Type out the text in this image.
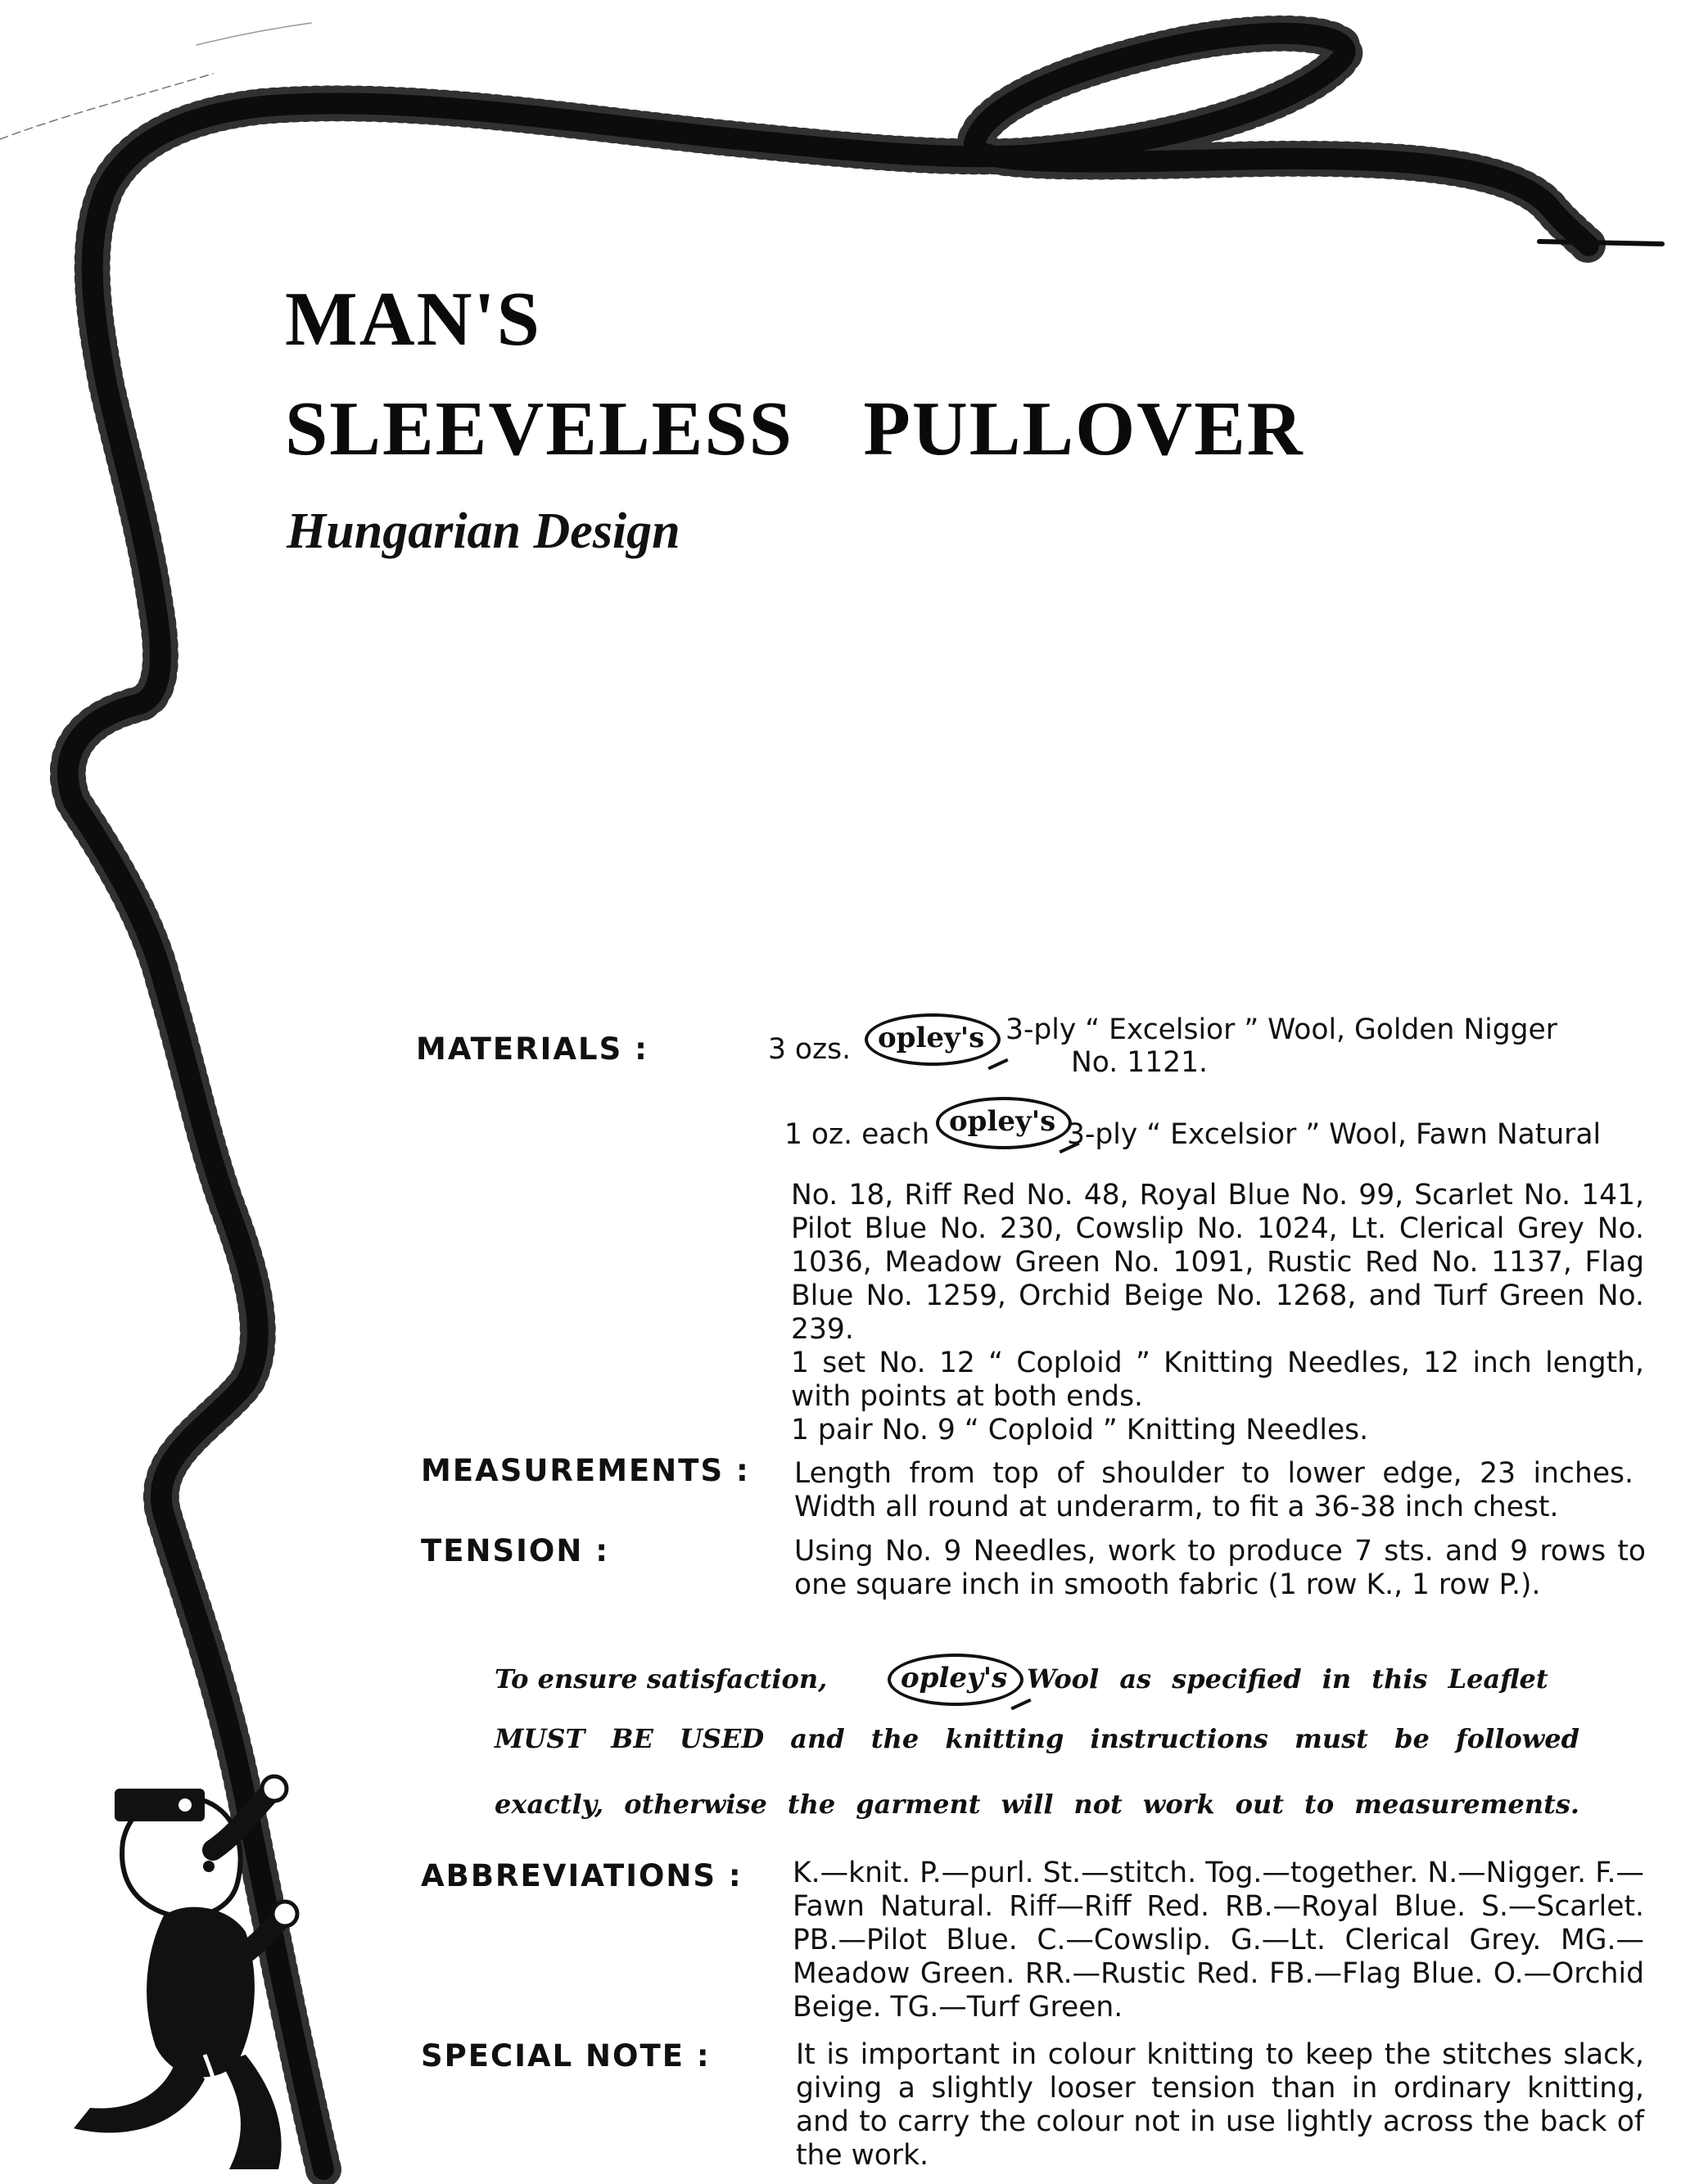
MAN'S
SLEEVELESS PULLOVER
Hungarian Design
MATERIALS :	3 ozs. opley's 3-ply “ Excelsior ” Wool, Golden Nigger
No. 1121.
1 oz. each opley's 3-ply “ Excelsior ” Wool, Fawn Natural
No. 18, Riff Red No. 48, Royal Blue No. 99, Scarlet No. 141, Pilot Blue No. 230, Cowslip No. 1024, Lt. Clerical Grey No. 1036, Meadow Green No. 1091, Rustic Red No. 1137, Flag Blue No. 1259, Orchid Beige No. 1268, and Turf Green No. 239.
1 set No. 12 “ Coploid ” Knitting Needles, 12 inch length, with points at both ends.
1 pair No. 9 “ Coploid ” Knitting Needles.
MEASUREMENTS : Length from top of shoulder to lower edge, 23 inches. Width all round at underarm, to fit a 36-38 inch chest.
TENSION :	Using No. 9 Needles, work to produce 7 sts. and 9 rows to one square inch in smooth fabric (1 row K., 1 row P.).
To ensure satisfaction,	opley's Wool as specified in this Leaflet
MUST BE USED and the knitting instructions must be followed
exactly, otherwise the garment will not work out to measurements.
ABBREVIATIONS : K.—knit. P.—purl. St.—stitch. Tog.—together. N.—Nigger. F.—Fawn Natural. Riff—Riff Red. RB.—Royal Blue. S.—Scarlet. PB.—Pilot Blue. C.—Cowslip. G.—Lt. Clerical Grey. MG.—Meadow Green. RR.—Rustic Red. FB.—Flag Blue. O.—Orchid Beige. TG.—Turf Green.
SPECIAL NOTE :	It is important in colour knitting to keep the stitches slack, giving a slightly looser tension than in ordinary knitting, and to carry the colour not in use lightly across the back of the work.
